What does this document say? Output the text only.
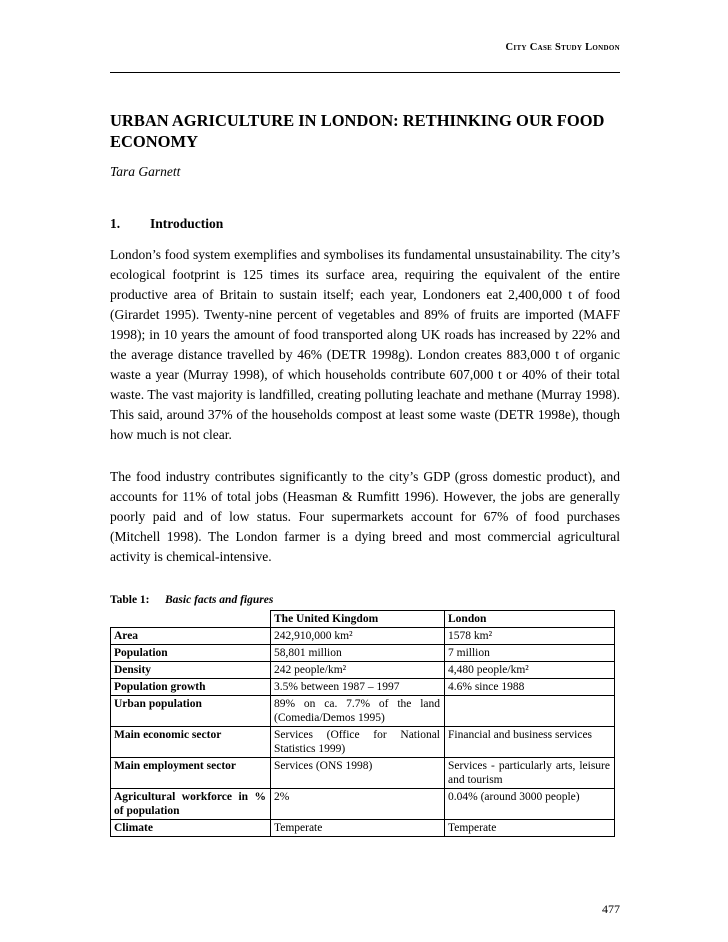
City Case Study London
URBAN AGRICULTURE IN LONDON: RETHINKING OUR FOOD ECONOMY
Tara Garnett
1. Introduction

London’s food system exemplifies and symbolises its fundamental unsustainability. The city’s ecological footprint is 125 times its surface area, requiring the equivalent of the entire productive area of Britain to sustain itself; each year, Londoners eat 2,400,000 t of food (Girardet 1995). Twenty-nine percent of vegetables and 89% of fruits are imported (MAFF 1998); in 10 years the amount of food transported along UK roads has increased by 22% and the average distance travelled by 46% (DETR 1998g). London creates 883,000 t of organic waste a year (Murray 1998), of which households contribute 607,000 t or 40% of their total waste. The vast majority is landfilled, creating polluting leachate and methane (Murray 1998). This said, around 37% of the households compost at least some waste (DETR 1998e), though how much is not clear.

The food industry contributes significantly to the city’s GDP (gross domestic product), and accounts for 11% of total jobs (Heasman & Rumfitt 1996). However, the jobs are generally poorly paid and of low status. Four supermarkets account for 67% of food purchases (Mitchell 1998). The London farmer is a dying breed and most commercial agricultural activity is chemical-intensive.

Table 1: Basic facts and figures
	The United Kingdom	London
Area	242,910,000 km²	1578 km²
Population	58,801 million	7 million
Density	242 people/km²	4,480 people/km²
Population growth	3.5% between 1987 – 1997	4.6% since 1988
Urban population	89% on ca. 7.7% of the land (Comedia/Demos 1995)	
Main economic sector	Services (Office for National Statistics 1999)	Financial and business services
Main employment sector	Services (ONS 1998)	Services - particularly arts, leisure and tourism
Agricultural workforce in % of population	2%	0.04% (around 3000 people)
Climate	Temperate	Temperate
477
